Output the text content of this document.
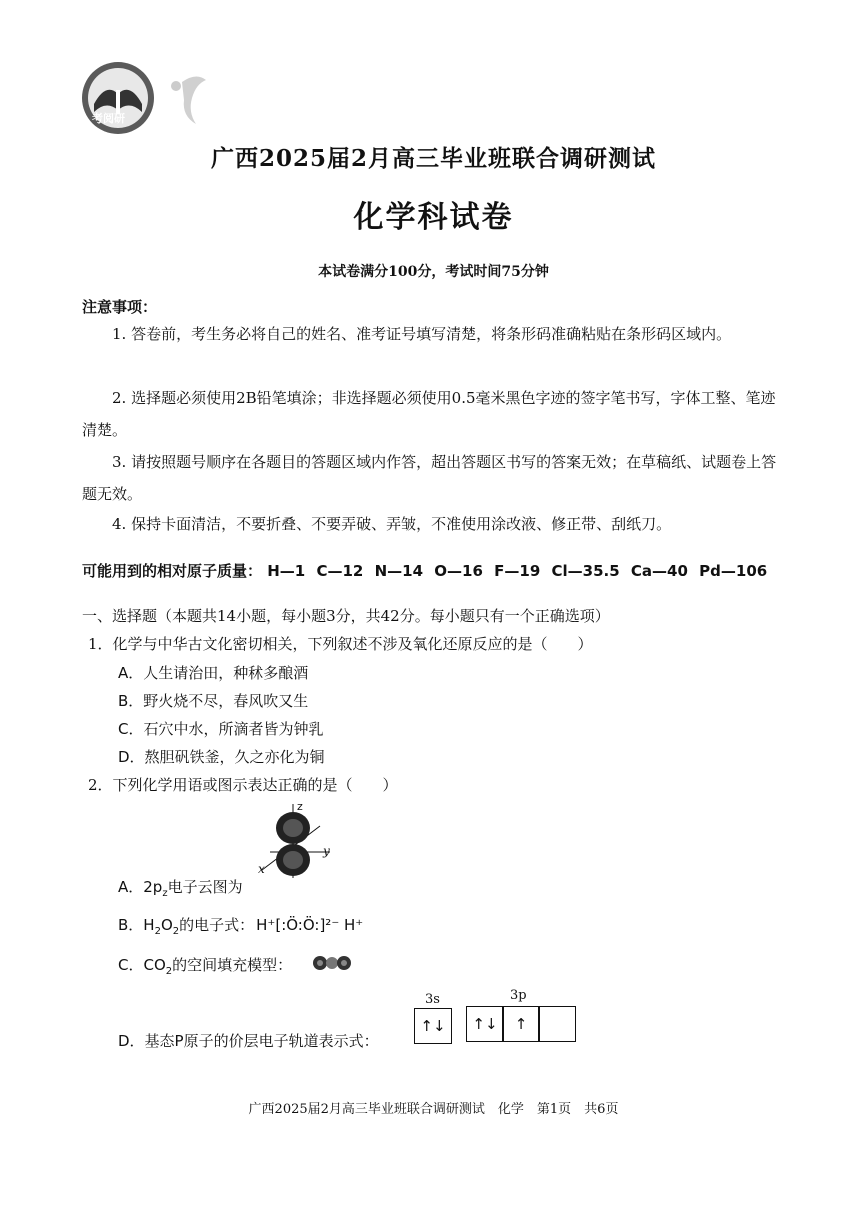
考阅研
广西2025届2月高三毕业班联合调研测试
化学科试卷
本试卷满分100分，考试时间75分钟
注意事项：
1. 答卷前，考生务必将自己的姓名、准考证号填写清楚，将条形码准确粘贴在条形码区域内。
2. 选择题必须使用2B铅笔填涂；非选择题必须使用0.5毫米黑色字迹的签字笔书写，字体工整、笔迹清楚。
3. 请按照题号顺序在各题目的答题区域内作答，超出答题区书写的答案无效；在草稿纸、试题卷上答题无效。
4. 保持卡面清洁，不要折叠、不要弄破、弄皱，不准使用涂改液、修正带、刮纸刀。
可能用到的相对原子质量： H—1 C—12 N—14 O—16 F—19 Cl—35.5 Ca—40 Pd—106
一、选择题（本题共14小题，每小题3分，共42分。每小题只有一个正确选项）
1．化学与中华古文化密切相关，下列叙述不涉及氧化还原反应的是（　　）
A．人生请治田，种秫多酿酒
B．野火烧不尽，春风吹又生
C．石穴中水，所滴者皆为钟乳
D．熬胆矾铁釜，久之亦化为铜
2．下列化学用语或图示表达正确的是（　　）
z
y
x
A．$2p_z$电子云图为
B．$H_2O_2$的电子式： H⁺[:Ö:Ö:]²⁻ H⁺
C．$CO_2$的空间填充模型：
3s	3p
↑↓	↑↓	↑
D．基态P原子的价层电子轨道表示式：
广西2025届2月高三毕业班联合调研测试　化学　第1页　共6页
